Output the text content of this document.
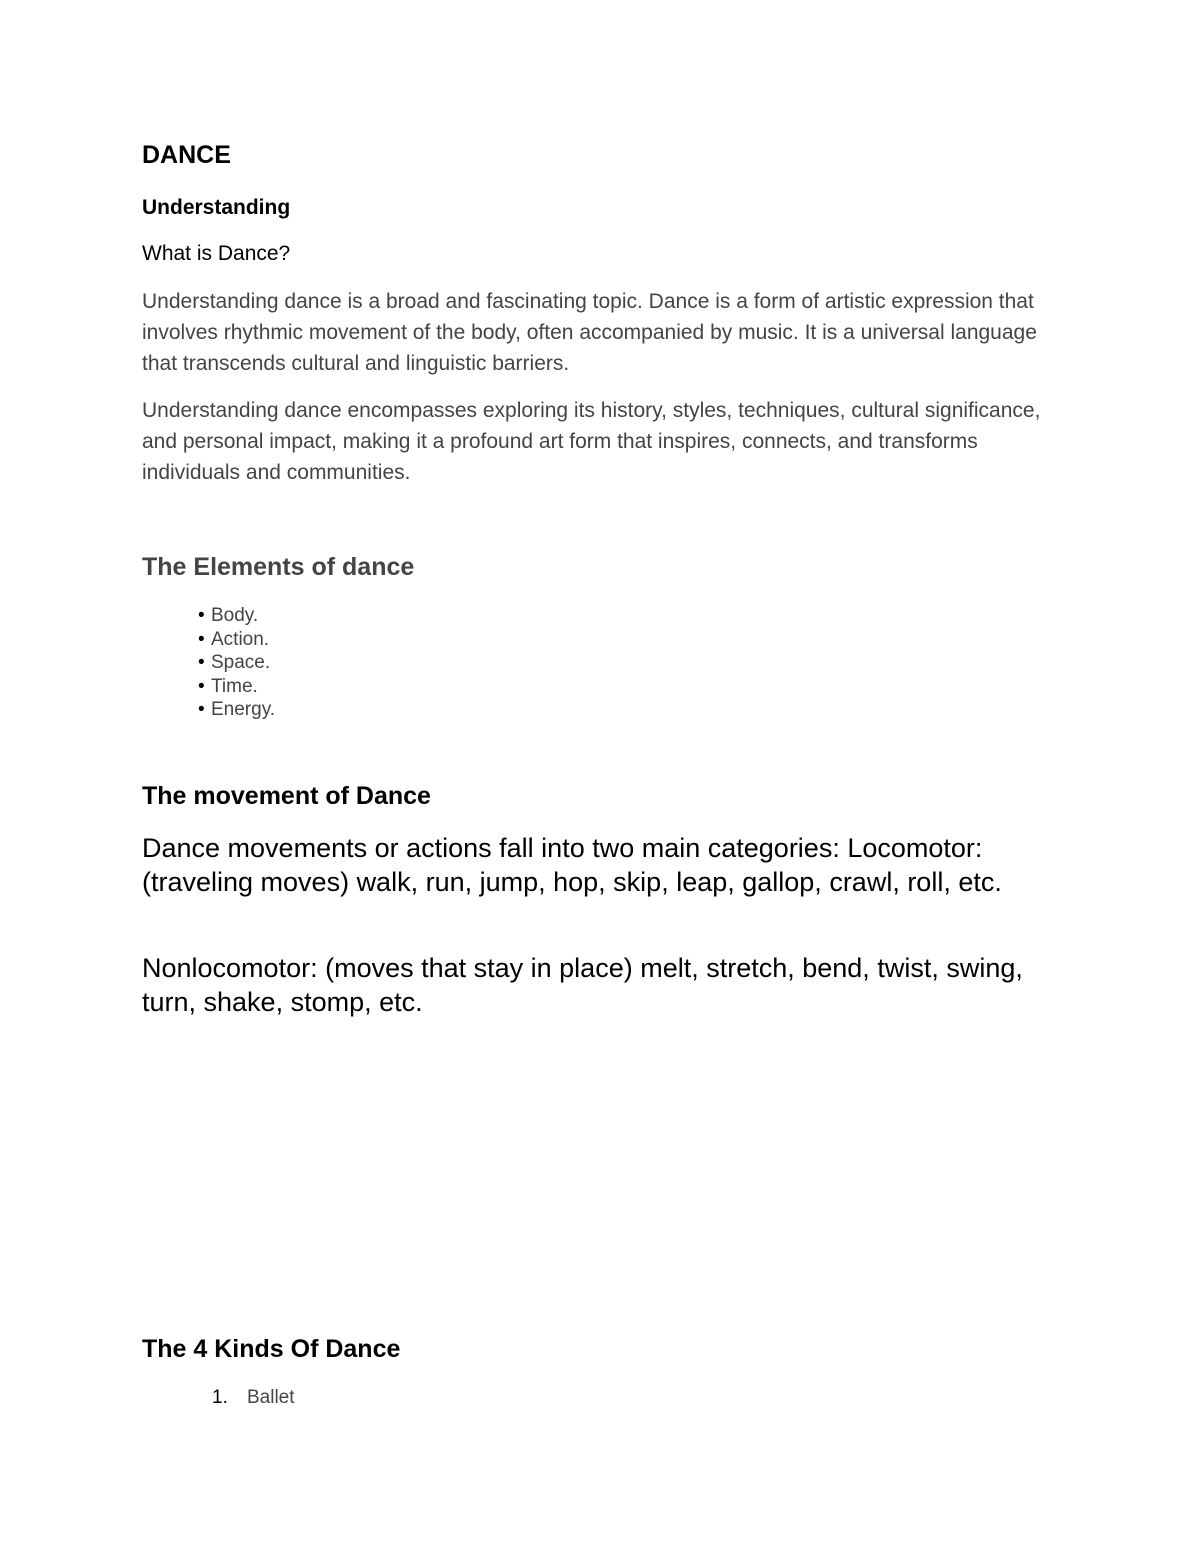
DANCE
Understanding

What is Dance?

Understanding dance is a broad and fascinating topic. Dance is a form of artistic expression that involves rhythmic movement of the body, often accompanied by music. It is a universal language that transcends cultural and linguistic barriers.

Understanding dance encompasses exploring its history, styles, techniques, cultural significance, and personal impact, making it a profound art form that inspires, connects, and transforms individuals and communities.

The Elements of dance
• Body.
• Action.
• Space.
• Time.
• Energy.
The movement of Dance

Dance movements or actions fall into two main categories: Locomotor: (traveling moves) walk, run, jump, hop, skip, leap, gallop, crawl, roll, etc.

Nonlocomotor: (moves that stay in place) melt, stretch, bend, twist, swing, turn, shake, stomp, etc.

The 4 Kinds Of Dance
1.	Ballet
